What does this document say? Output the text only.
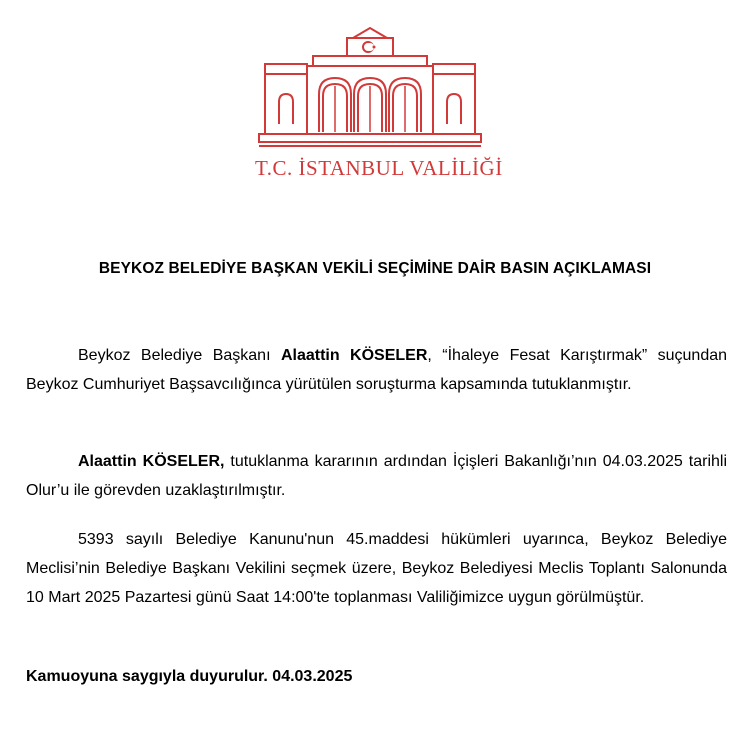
T.C. İSTANBUL VALİLİĞİ
BEYKOZ BELEDİYE BAŞKAN VEKİLİ SEÇİMİNE DAİR BASIN AÇIKLAMASI
Beykoz Belediye Başkanı Alaattin KÖSELER, “İhaleye Fesat Karıştırmak” suçundan Beykoz Cumhuriyet Başsavcılığınca yürütülen soruşturma kapsamında tutuklanmıştır.
Alaattin KÖSELER, tutuklanma kararının ardından İçişleri Bakanlığı’nın 04.03.2025 tarihli Olur’u ile görevden uzaklaştırılmıştır.
5393 sayılı Belediye Kanunu'nun 45.maddesi hükümleri uyarınca, Beykoz Belediye Meclisi’nin Belediye Başkanı Vekilini seçmek üzere, Beykoz Belediyesi Meclis Toplantı Salonunda 10 Mart 2025 Pazartesi günü Saat 14:00'te toplanması Valiliğimizce uygun görülmüştür.
Kamuoyuna saygıyla duyurulur. 04.03.2025
